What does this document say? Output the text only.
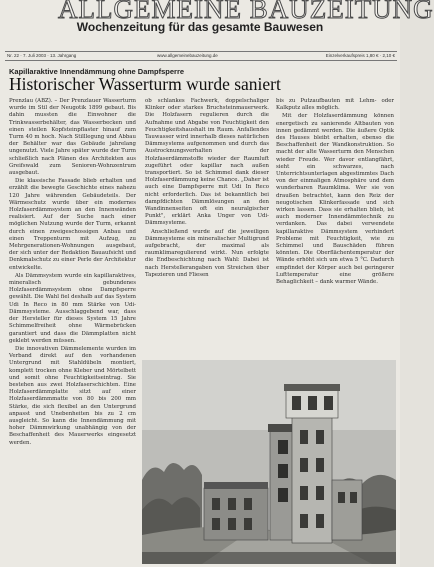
ALLGEMEINE BAUZEITUNG
Wochenzeitung für das gesamte Bauwesen
Nr. 22 · 7. Juli 2003 · 13. Jahrgang	www.allgemeinebauzeitung.de	Einzelverkaufspreis 1,80 € · 2,10 €
Kapillaraktive Innendämmung ohne Dampfsperre
Historischer Wasserturm wurde saniert

Prenzlau (ABZ). – Der Prenzlauer Wasserturm wurde im Stil der Neugotik 1899 gebaut. Bis dahin mussten die Einwohner die Trinkwasserbehälter, das Wasserbecken und einen steilen Kopfsteinpflaster hinauf zum Turm 40 m hoch. Nach Stilllegung und Abbau der Behälter war das Gebäude jahrelang ungenutzt. Viele Jahre später wurde der Turm schließlich nach Plänen des Architekten aus Greifswald zum Senioren-Wohnzentrum ausgebaut.

Die klassische Fassade blieb erhalten und erzählt die bewegte Geschichte eines nahezu 120 Jahre währenden Gebäudeteils. Der Wärmeschutz wurde über ein modernes Holzfaserdämmsystem an den Innenwänden realisiert. Auf der Suche nach einer möglichen Nutzung wurde der Turm, erkannt durch einen zweigeschossigen Anbau und einen Treppenturm mit Aufzug, zu Mehrgenerationen-Wohnungen ausgebaut, der sich unter der Redaktion Bauaufsicht und Denkmalschutz zu einer Perle der Architektur entwickelte.

Als Dämmsystem wurde ein kapillaraktives, mineralisch gebundenes Holzfaserdämmsystem ohne Dampfsperre gewählt. Die Wahl fiel deshalb auf das System Udi In Reco in 80 mm Stärke von Udi-Dämmsysteme. Ausschlaggebend war, dass der Hersteller für dieses System 15 Jahre Schimmelfreiheit ohne Wärmebrücken garantiert und dass die Dämmplatten nicht geklebt werden müssen.

Die innovativen Dämmelemente wurden im Verband direkt auf den vorhandenen Untergrund mit Stahldübeln montiert, komplett trocken ohne Kleber und Mörtelbett und somit ohne Feuchtigkeitseintrag. Sie bestehen aus zwei Holzfaserschichten. Eine Holzfaserdämmplatte sitzt auf einer Holzfaserdämmmatte von 80 bis 200 mm Stärke, die sich flexibel an den Untergrund anpasst und Unebenheiten bis zu 2 cm ausgleicht. So kann die Innendämmung mit hoher Dämmwirkung unabhängig von der Beschaffenheit des Mauerwerks eingesetzt werden.

ob schlankes Fachwerk, doppelschaliger Klinker oder starkes Bruchsteinmauerwerk. Die Holzfasern regulieren durch die Aufnahme und Abgabe von Feuchtigkeit den Feuchtigkeitshaushalt im Raum. Anfallendes Tauwasser wird innerhalb dieses natürlichen Dämmsystems aufgenommen und durch das Austrocknungsverhalten der Holzfaserdämmstoffe wieder der Raumluft zugeführt oder kapillar nach außen transportiert. So ist Schimmel dank dieser Holzfaserdämmung keine Chance. „Daher ist auch eine Dampfsperre mit Udi In Reco nicht erforderlich. Das ist bekanntlich bei dampfdichten Dämmlösungen an den Wandinnenseiten oft ein neuralgischer Punkt", erklärt Anka Unger von Udi-Dämmsysteme.

Anschließend wurde auf die jeweiligen Dämmsysteme ein mineralischer Multigrund aufgebracht, der maximal als raumklimaregulierend wirkt. Nun erfolgte die Endbeschichtung nach Wahl: Dabei ist nach Herstellerangaben von Streichen über Tapezieren und Fliesen

bis zu Putzaufbauten mit Lehm- oder Kalkputz alles möglich.

Mit der Holzfaserdämmung können energetisch zu sanierende Altbauten von innen gedämmt werden. Die äußere Optik des Hauses bleibt erhalten, ebenso die Beschaffenheit der Wandkonstruktion. So macht der alte Wasserturm den Menschen wieder Freude. Wer davor entlangfährt, sieht ein schwarzes, nach Unterrichtsunterlagen abgestimmtes Dach von der einmaligen Atmosphäre und dem wunderbaren Raumklima. Wer sie von draußen betrachtet, kann den Reiz der neugotischen Klinkerfassade und sich wirken lassen. Dass sie erhalten blieb, ist auch moderner Innendämmtechnik zu verdanken. Das dabei verwendete kapillaraktive Dämmsystem verhindert Probleme mit Feuchtigkeit, wie zu Schimmel und Bauschäden führen könnten. Die Oberflächentemperatur der Wände erhöht sich um etwa 5 °C. Dadurch empfindet der Körper auch bei geringerer Lufttemperatur eine größere Behaglichkeit – dank warmer Wände.
